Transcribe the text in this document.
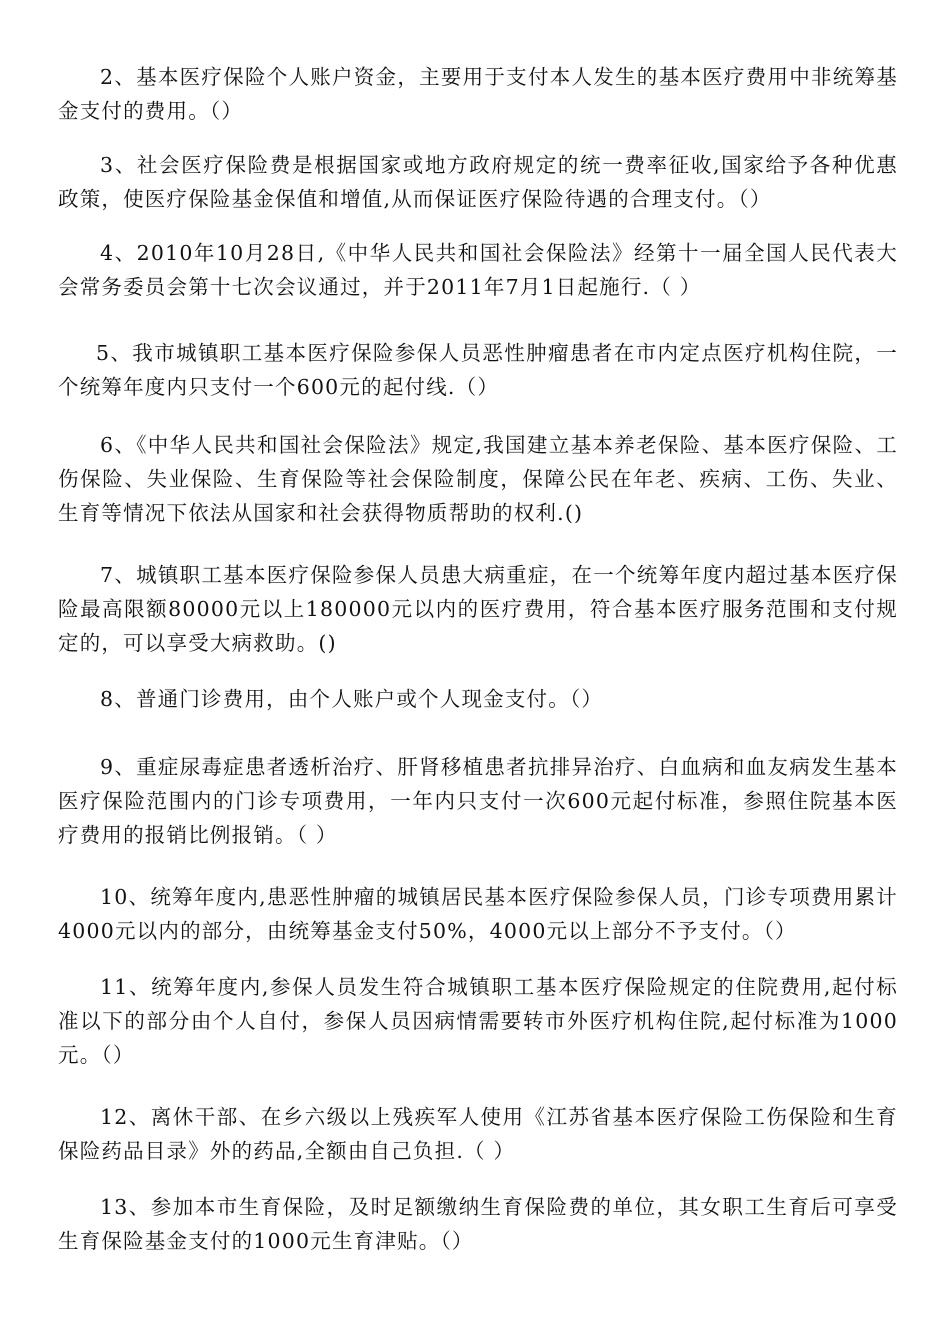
2、基本医疗保险个人账户资金，主要用于支付本人发生的基本医疗费用中非统筹基金支付的费用。（）

3、社会医疗保险费是根据国家或地方政府规定的统一费率征收,国家给予各种优惠政策，使医疗保险基金保值和增值,从而保证医疗保险待遇的合理支付。（）

4、2010年10月28日,《中华人民共和国社会保险法》经第十一届全国人民代表大会常务委员会第十七次会议通过，并于2011年7月1日起施行.（ ）

5、我市城镇职工基本医疗保险参保人员恶性肿瘤患者在市内定点医疗机构住院，一个统筹年度内只支付一个600元的起付线.（）

6、《中华人民共和国社会保险法》规定,我国建立基本养老保险、基本医疗保险、工伤保险、失业保险、生育保险等社会保险制度，保障公民在年老、疾病、工伤、失业、生育等情况下依法从国家和社会获得物质帮助的权利.()

7、城镇职工基本医疗保险参保人员患大病重症，在一个统筹年度内超过基本医疗保险最高限额80000元以上180000元以内的医疗费用，符合基本医疗服务范围和支付规定的，可以享受大病救助。()

8、普通门诊费用，由个人账户或个人现金支付。（）

9、重症尿毒症患者透析治疗、肝肾移植患者抗排异治疗、白血病和血友病发生基本医疗保险范围内的门诊专项费用，一年内只支付一次600元起付标准，参照住院基本医疗费用的报销比例报销。（ ）

10、统筹年度内,患恶性肿瘤的城镇居民基本医疗保险参保人员，门诊专项费用累计4000元以内的部分，由统筹基金支付50%，4000元以上部分不予支付。（）

11、统筹年度内,参保人员发生符合城镇职工基本医疗保险规定的住院费用,起付标准以下的部分由个人自付，参保人员因病情需要转市外医疗机构住院,起付标准为1000元。（）

12、离休干部、在乡六级以上残疾军人使用《江苏省基本医疗保险工伤保险和生育保险药品目录》外的药品,全额由自己负担.（ ）

13、参加本市生育保险，及时足额缴纳生育保险费的单位，其女职工生育后可享受生育保险基金支付的1000元生育津贴。（）
